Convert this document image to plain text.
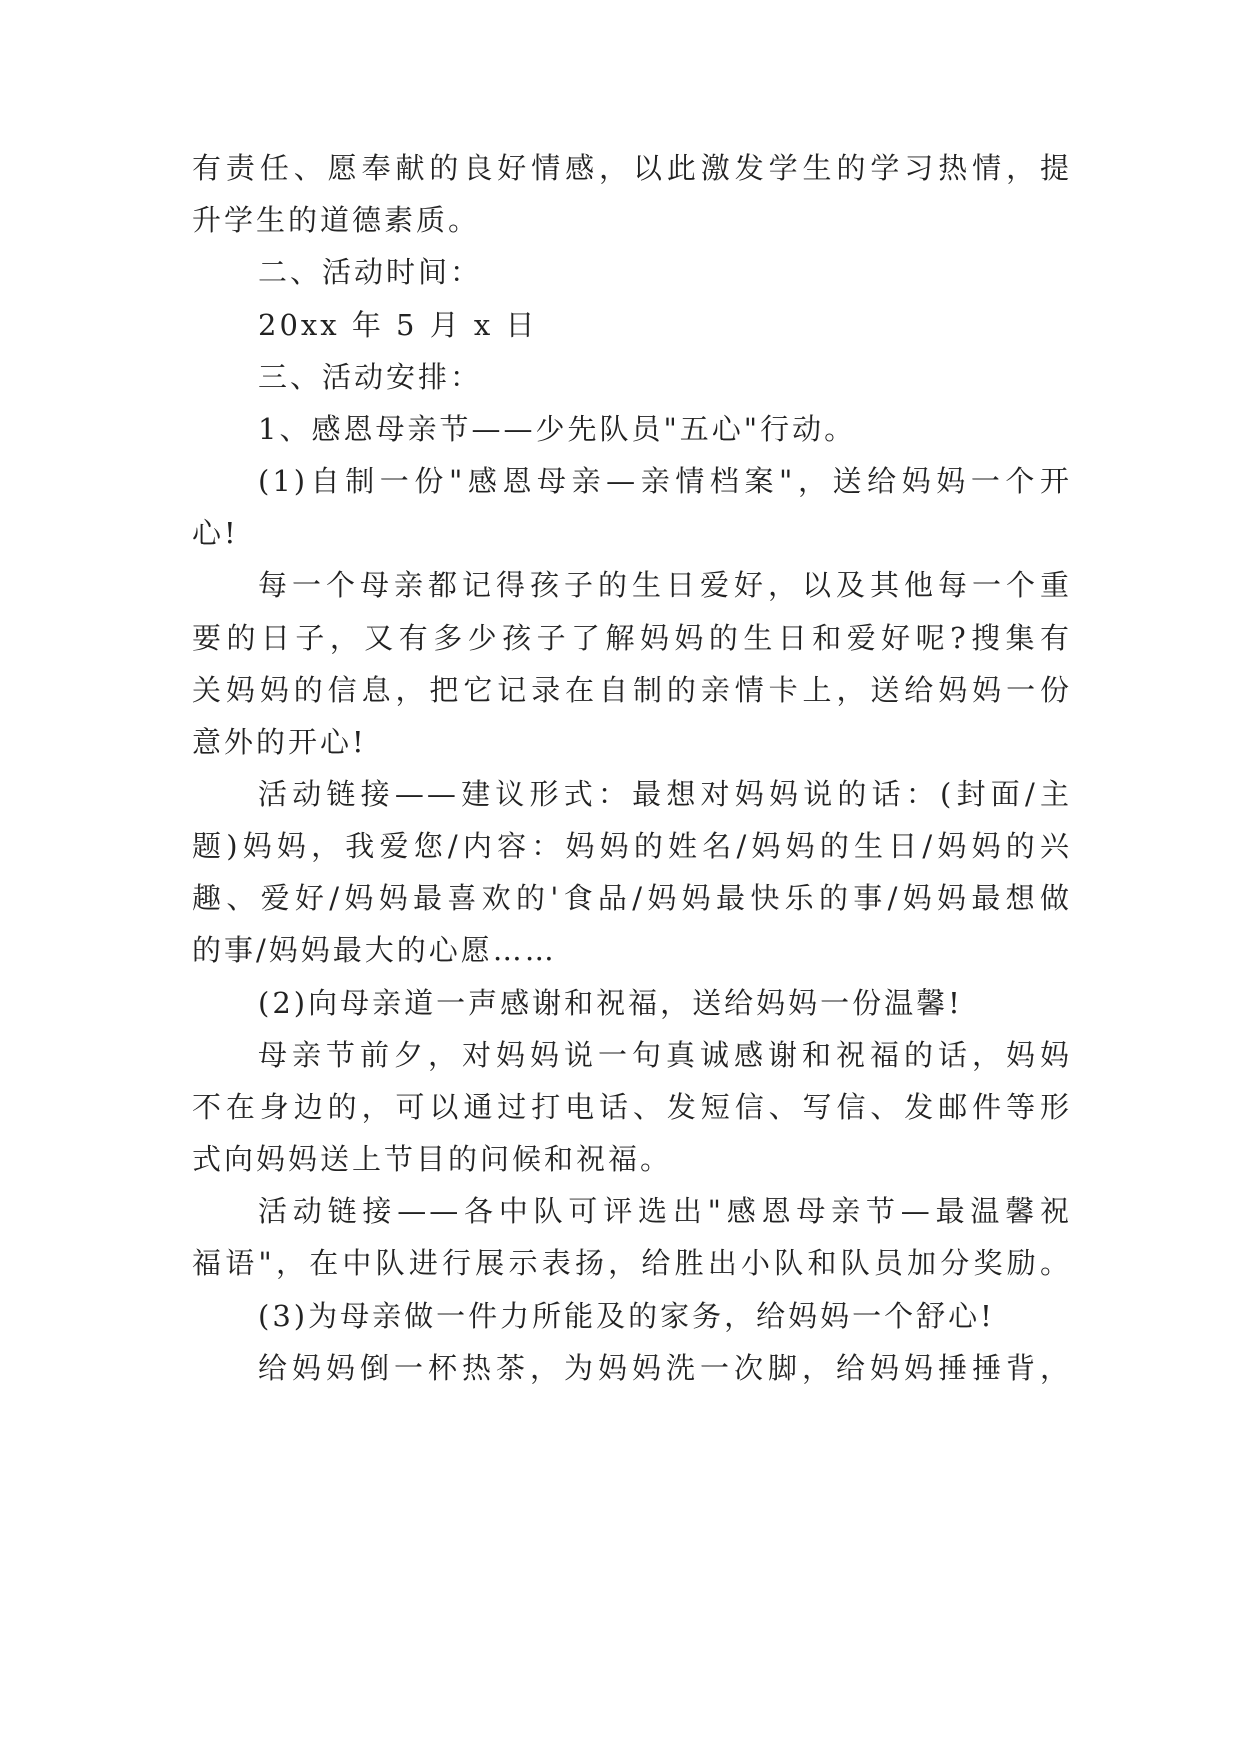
有责任、愿奉献的良好情感，以此激发学生的学习热情，提
升学生的道德素质。
二、活动时间：
20xx 年 5 月 x 日
三、活动安排：
1、感恩母亲节——少先队员"五心"行动。
(1)自制一份"感恩母亲—亲情档案"，送给妈妈一个开
心!
每一个母亲都记得孩子的生日爱好，以及其他每一个重
要的日子，又有多少孩子了解妈妈的生日和爱好呢?搜集有
关妈妈的信息，把它记录在自制的亲情卡上，送给妈妈一份
意外的开心!
活动链接——建议形式：最想对妈妈说的话：(封面/主
题)妈妈，我爱您/内容：妈妈的姓名/妈妈的生日/妈妈的兴
趣、爱好/妈妈最喜欢的'食品/妈妈最快乐的事/妈妈最想做
的事/妈妈最大的心愿……
(2)向母亲道一声感谢和祝福，送给妈妈一份温馨!
母亲节前夕，对妈妈说一句真诚感谢和祝福的话，妈妈
不在身边的，可以通过打电话、发短信、写信、发邮件等形
式向妈妈送上节目的问候和祝福。
活动链接——各中队可评选出"感恩母亲节—最温馨祝
福语"，在中队进行展示表扬，给胜出小队和队员加分奖励。
(3)为母亲做一件力所能及的家务，给妈妈一个舒心!
给妈妈倒一杯热茶，为妈妈洗一次脚，给妈妈捶捶背，
